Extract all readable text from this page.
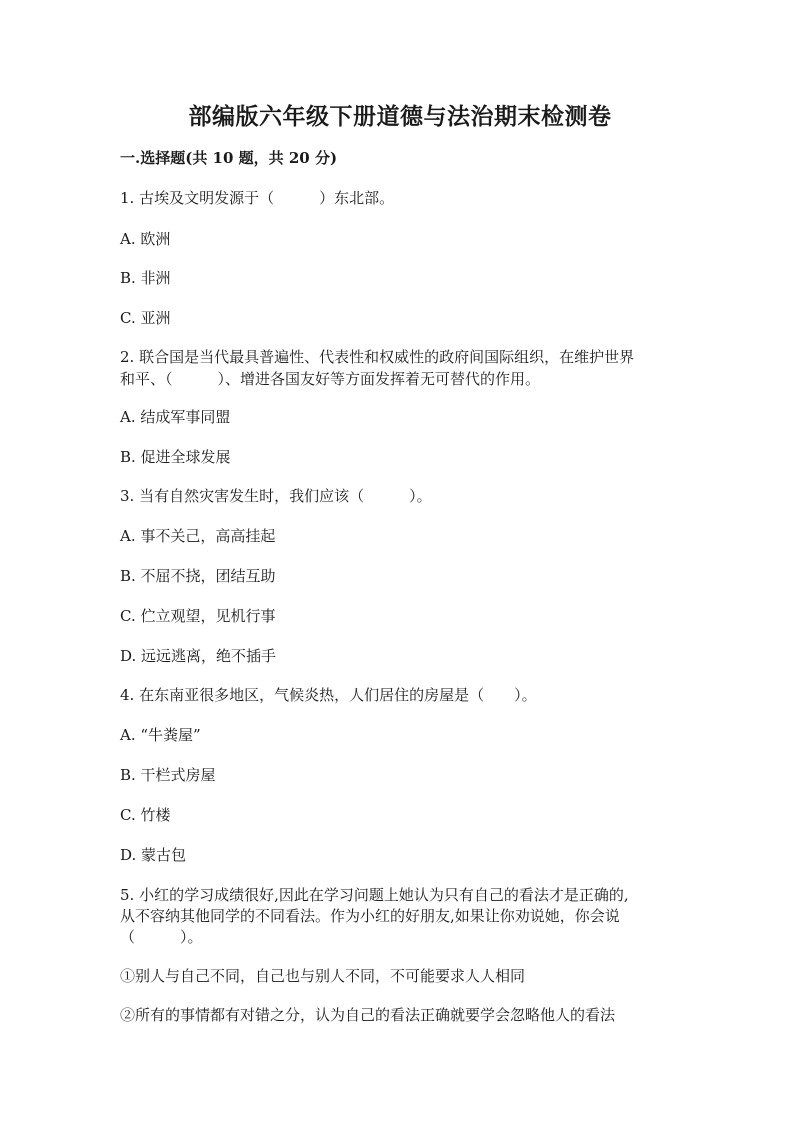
部编版六年级下册道德与法治期末检测卷
一.选择题(共 10 题，共 20 分)
1. 古埃及文明发源于（　　　）东北部。
A. 欧洲
B. 非洲
C. 亚洲
2. 联合国是当代最具普遍性、代表性和权威性的政府间国际组织，在维护世界
和平、（　　　）、增进各国友好等方面发挥着无可替代的作用。
A. 结成军事同盟
B. 促进全球发展
3. 当有自然灾害发生时，我们应该（　　　）。
A. 事不关己，高高挂起
B. 不屈不挠，团结互助
C. 伫立观望，见机行事
D. 远远逃离，绝不插手
4. 在东南亚很多地区，气候炎热，人们居住的房屋是（　　）。
A. “牛粪屋”
B. 干栏式房屋
C. 竹楼
D. 蒙古包
5. 小红的学习成绩很好,因此在学习问题上她认为只有自己的看法才是正确的,
从不容纳其他同学的不同看法。作为小红的好朋友,如果让你劝说她，你会说
（　　　）。
①别人与自己不同，自己也与别人不同，不可能要求人人相同
②所有的事情都有对错之分，认为自己的看法正确就要学会忽略他人的看法
